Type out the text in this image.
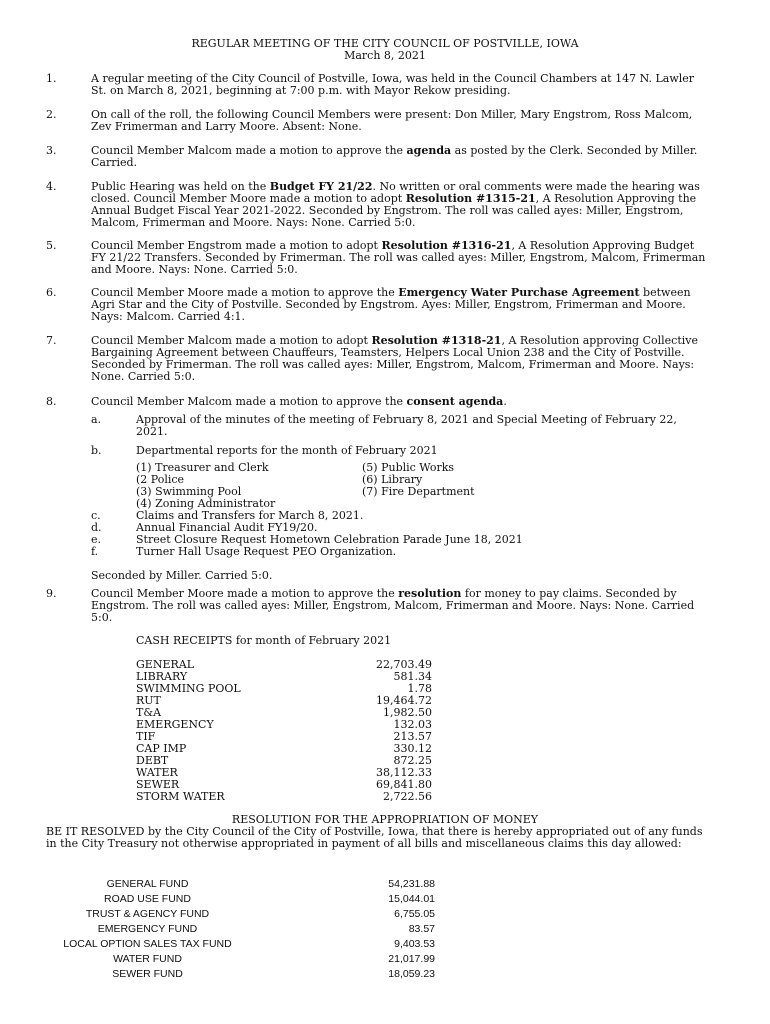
REGULAR MEETING OF THE CITY COUNCIL OF POSTVILLE, IOWA
March 8, 2021
1.	A regular meeting of the City Council of Postville, Iowa, was held in the Council Chambers at 147 N. Lawler St. on March 8, 2021, beginning at 7:00 p.m. with Mayor Rekow presiding.

2.	On call of the roll, the following Council Members were present: Don Miller, Mary Engstrom, Ross Malcom, Zev Frimerman and Larry Moore. Absent: None.

3.	Council Member Malcom made a motion to approve the agenda as posted by the Clerk. Seconded by Miller. Carried.

4.	Public Hearing was held on the Budget FY 21/22. No written or oral comments were made the hearing was closed. Council Member Moore made a motion to adopt Resolution #1315-21, A Resolution Approving the Annual Budget Fiscal Year 2021-2022. Seconded by Engstrom. The roll was called ayes: Miller, Engstrom, Malcom, Frimerman and Moore. Nays: None. Carried 5:0.

5.	Council Member Engstrom made a motion to adopt Resolution #1316-21, A Resolution Approving Budget FY 21/22 Transfers. Seconded by Frimerman. The roll was called ayes: Miller, Engstrom, Malcom, Frimerman and Moore. Nays: None. Carried 5:0.

6.	Council Member Moore made a motion to approve the Emergency Water Purchase Agreement between Agri Star and the City of Postville. Seconded by Engstrom. Ayes: Miller, Engstrom, Frimerman and Moore. Nays: Malcom. Carried 4:1.

7.	Council Member Malcom made a motion to adopt Resolution #1318-21, A Resolution approving Collective Bargaining Agreement between Chauffeurs, Teamsters, Helpers Local Union 238 and the City of Postville. Seconded by Frimerman. The roll was called ayes: Miller, Engstrom, Malcom, Frimerman and Moore. Nays: None. Carried 5:0.

8.	Council Member Malcom made a motion to approve the consent agenda.

a.	Approval of the minutes of the meeting of February 8, 2021 and Special Meeting of February 22, 2021.

b.	Departmental reports for the month of February 2021

(1) Treasurer and Clerk
(2 Police
(3) Swimming Pool
(4) Zoning Administrator
(5) Public Works
(6) Library
(7) Fire Department
c.	Claims and Transfers for March 8, 2021.

d.	Annual Financial Audit FY19/20.

e.	Street Closure Request Hometown Celebration Parade June 18, 2021

f.	Turner Hall Usage Request PEO Organization.

Seconded by Miller. Carried 5:0.

9.	Council Member Moore made a motion to approve the resolution for money to pay claims. Seconded by Engstrom. The roll was called ayes: Miller, Engstrom, Malcom, Frimerman and Moore. Nays: None. Carried 5:0.

CASH RECEIPTS for month of February 2021

GENERAL	22,703.49
LIBRARY	581.34
SWIMMING POOL	1.78
RUT	19,464.72
T&A	1,982.50
EMERGENCY	132.03
TIF	213.57
CAP IMP	330.12
DEBT	872.25
WATER	38,112.33
SEWER	69,841.80
STORM WATER	2,722.56
RESOLUTION FOR THE APPROPRIATION OF MONEY

BE IT RESOLVED by the City Council of the City of Postville, Iowa, that there is hereby appropriated out of any funds in the City Treasury not otherwise appropriated in payment of all bills and miscellaneous claims this day allowed:

GENERAL FUND	54,231.88
ROAD USE FUND	15,044.01
TRUST & AGENCY FUND	6,755.05
EMERGENCY FUND	83.57
LOCAL OPTION SALES TAX FUND	9,403.53
WATER FUND	21,017.99
SEWER FUND	18,059.23
